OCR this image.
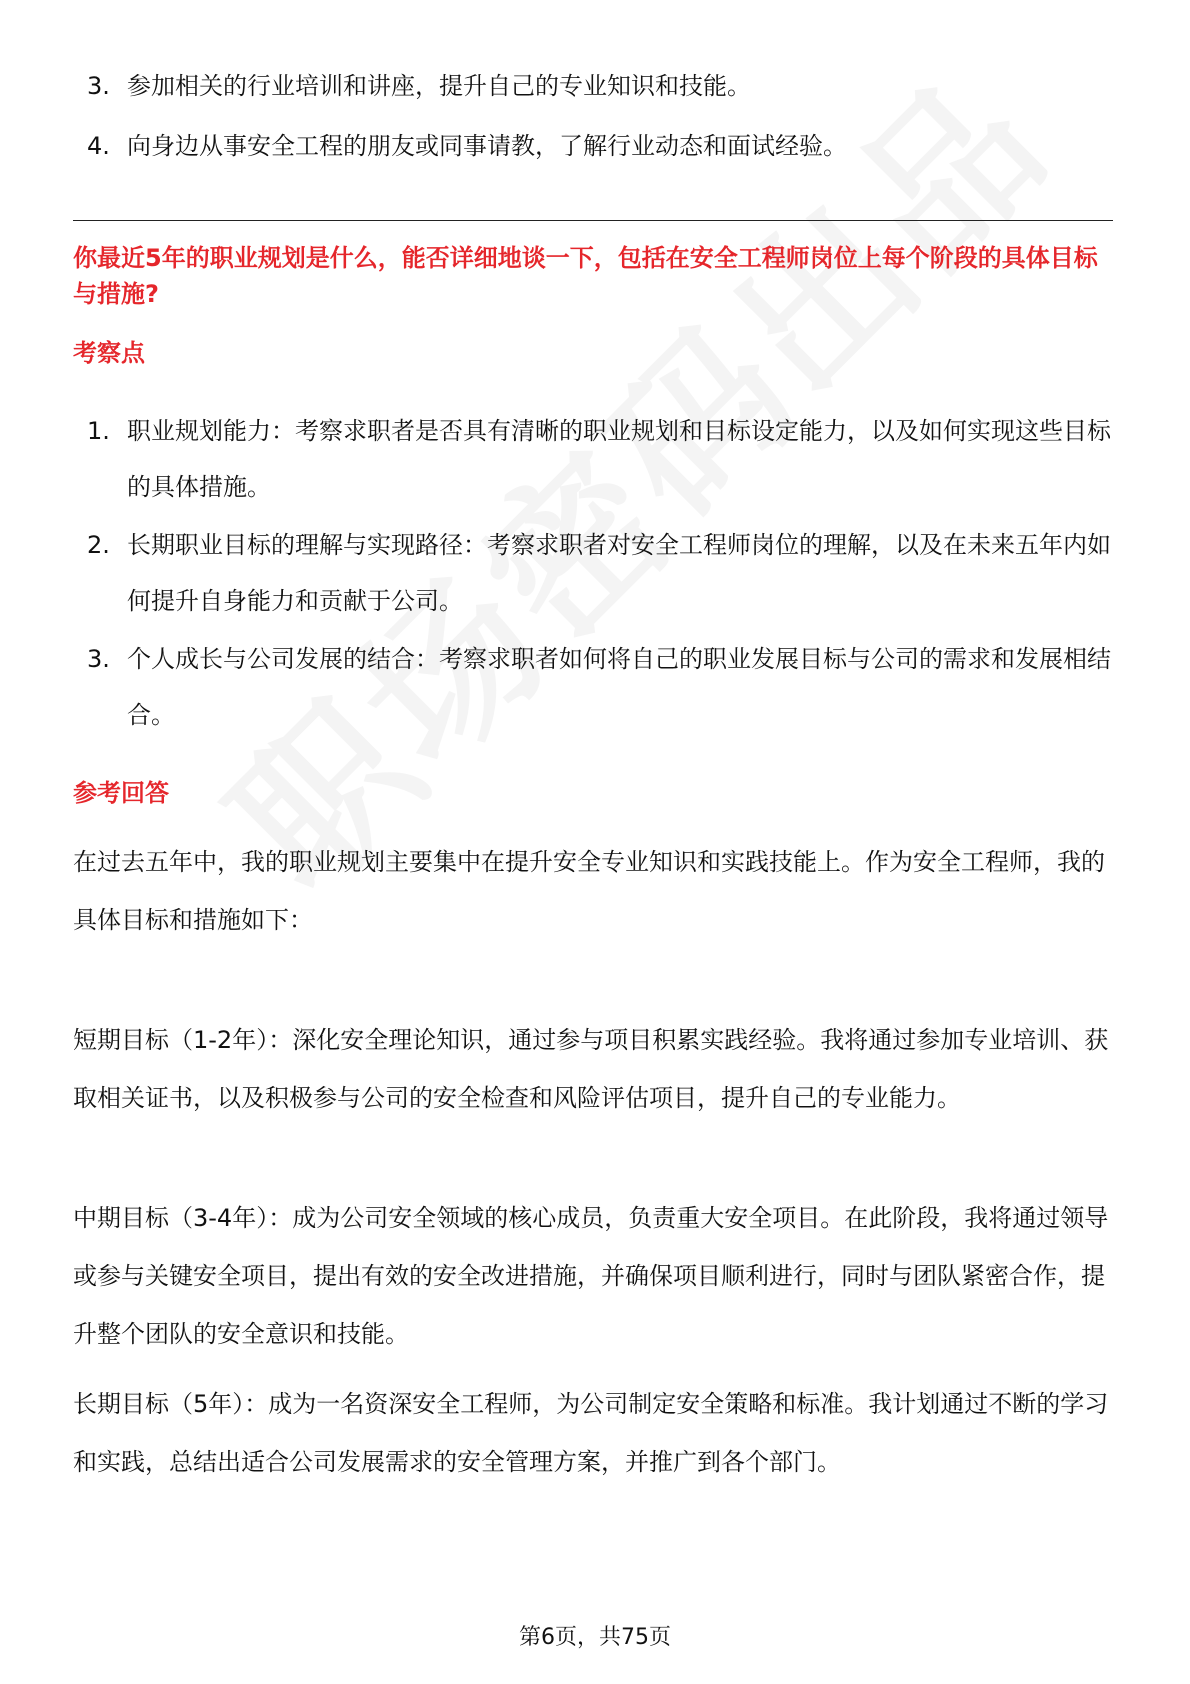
3. 参加相关的行业培训和讲座，提升自己的专业知识和技能。
4. 向身边从事安全工程的朋友或同事请教，了解行业动态和面试经验。
你最近5年的职业规划是什么，能否详细地谈一下，包括在安全工程师岗位上每个阶段的具体目标与措施?
考察点
1. 职业规划能力：考察求职者是否具有清晰的职业规划和目标设定能力，以及如何实现这些目标的具体措施。
2. 长期职业目标的理解与实现路径：考察求职者对安全工程师岗位的理解，以及在未来五年内如何提升自身能力和贡献于公司。
3. 个人成长与公司发展的结合：考察求职者如何将自己的职业发展目标与公司的需求和发展相结合。
参考回答

在过去五年中，我的职业规划主要集中在提升安全专业知识和实践技能上。作为安全工程师，我的具体目标和措施如下：

短期目标（1-2年）：深化安全理论知识，通过参与项目积累实践经验。我将通过参加专业培训、获取相关证书，以及积极参与公司的安全检查和风险评估项目，提升自己的专业能力。

中期目标（3-4年）：成为公司安全领域的核心成员，负责重大安全项目。在此阶段，我将通过领导或参与关键安全项目，提出有效的安全改进措施，并确保项目顺利进行，同时与团队紧密合作，提升整个团队的安全意识和技能。

长期目标（5年）：成为一名资深安全工程师，为公司制定安全策略和标准。我计划通过不断的学习和实践，总结出适合公司发展需求的安全管理方案，并推广到各个部门。

第6页，共75页
